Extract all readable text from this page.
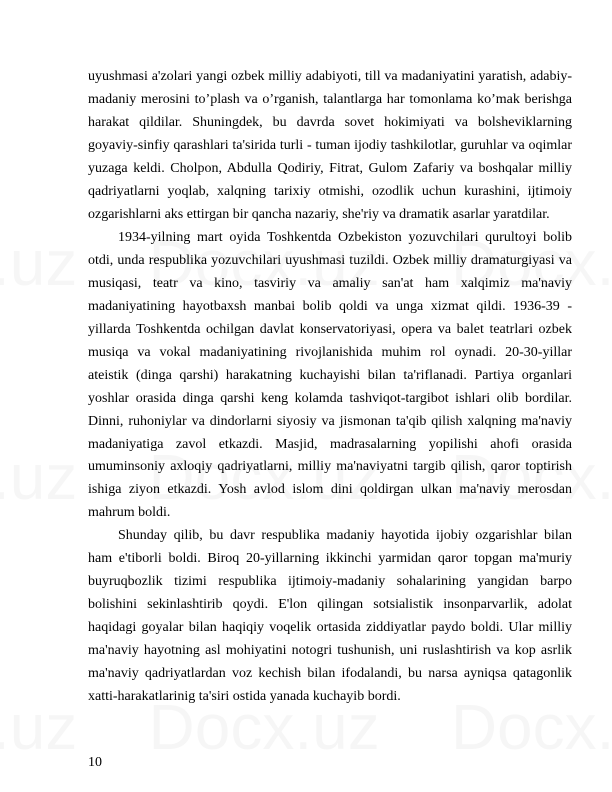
uyushmasi a'zolari yangi ozbek milliy adabiyoti, till va madaniyatini yaratish, adabiy-
madaniy merosini to’plash va o’rganish, talantlarga har tomonlama ko’mak berishga
harakat qildilar. Shuningdek, bu davrda sovet hokimiyati va bolsheviklarning
goyaviy-sinfiy qarashlari ta'sirida turli - tuman ijodiy tashkilotlar, guruhlar va oqimlar
yuzaga keldi. Cholpon, Abdulla Qodiriy, Fitrat, Gulom Zafariy va boshqalar milliy
qadriyatlarni yoqlab, xalqning tarixiy otmishi, ozodlik uchun kurashini, ijtimoiy
ozgarishlarni aks ettirgan bir qancha nazariy, she'riy va dramatik asarlar yaratdilar.
1934-yilning mart oyida Toshkentda Ozbekiston yozuvchilari qurultoyi bolib
otdi, unda respublika yozuvchilari uyushmasi tuzildi. Ozbek milliy dramaturgiyasi va
musiqasi, teatr va kino, tasviriy va amaliy san'at ham xalqimiz ma'naviy
madaniyatining hayotbaxsh manbai bolib qoldi va unga xizmat qildi. 1936-39 -
yillarda Toshkentda ochilgan davlat konservatoriyasi, opera va balet teatrlari ozbek
musiqa va vokal madaniyatining rivojlanishida muhim rol oynadi. 20-30-yillar
ateistik (dinga qarshi) harakatning kuchayishi bilan ta'riflanadi. Partiya organlari
yoshlar orasida dinga qarshi keng kolamda tashviqot-targibot ishlari olib bordilar.
Dinni, ruhoniylar va dindorlarni siyosiy va jismonan ta'qib qilish xalqning ma'naviy
madaniyatiga zavol etkazdi. Masjid, madrasalarning yopilishi ahofi orasida
umuminsoniy axloqiy qadriyatlarni, milliy ma'naviyatni targib qilish, qaror toptirish
ishiga ziyon etkazdi. Yosh avlod islom dini qoldirgan ulkan ma'naviy merosdan
mahrum boldi.
Shunday qilib, bu davr respublika madaniy hayotida ijobiy ozgarishlar bilan
ham e'tiborli boldi. Biroq 20-yillarning ikkinchi yarmidan qaror topgan ma'muriy
buyruqbozlik tizimi respublika ijtimoiy-madaniy sohalarining yangidan barpo
bolishini sekinlashtirib qoydi. E'lon qilingan sotsialistik insonparvarlik, adolat
haqidagi goyalar bilan haqiqiy voqelik ortasida ziddiyatlar paydo boldi. Ular milliy
ma'naviy hayotning asl mohiyatini notogri tushunish, uni ruslashtirish va kop asrlik
ma'naviy qadriyatlardan voz kechish bilan ifodalandi, bu narsa ayniqsa qatagonlik
xatti-harakatlarinig ta'siri ostida yanada kuchayib bordi.
10
